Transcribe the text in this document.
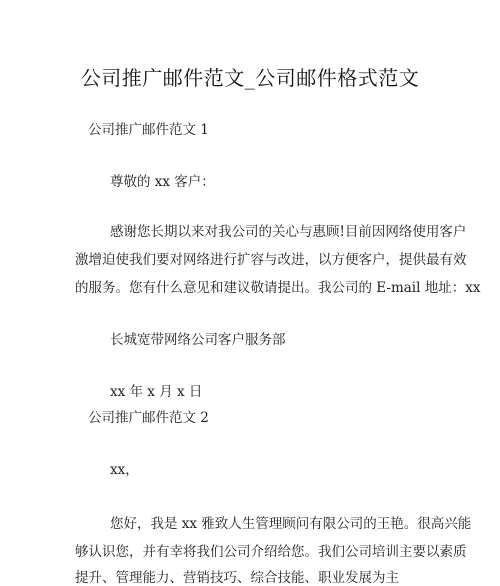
公司推广邮件范文_公司邮件格式范文
公司推广邮件范文 1
尊敬的 xx 客户：
感谢您长期以来对我公司的关心与惠顾!目前因网络使用客户
激增迫使我们要对网络进行扩容与改进，以方便客户，提供最有效
的服务。您有什么意见和建议敬请提出。我公司的 E-mail 地址：xx
长城宽带网络公司客户服务部
xx 年 x 月 x 日
公司推广邮件范文 2
xx，
您好，我是 xx 雅致人生管理顾问有限公司的王艳。很高兴能
够认识您，并有幸将我们公司介绍给您。我们公司培训主要以素质
提升、管理能力、营销技巧、综合技能、职业发展为主
